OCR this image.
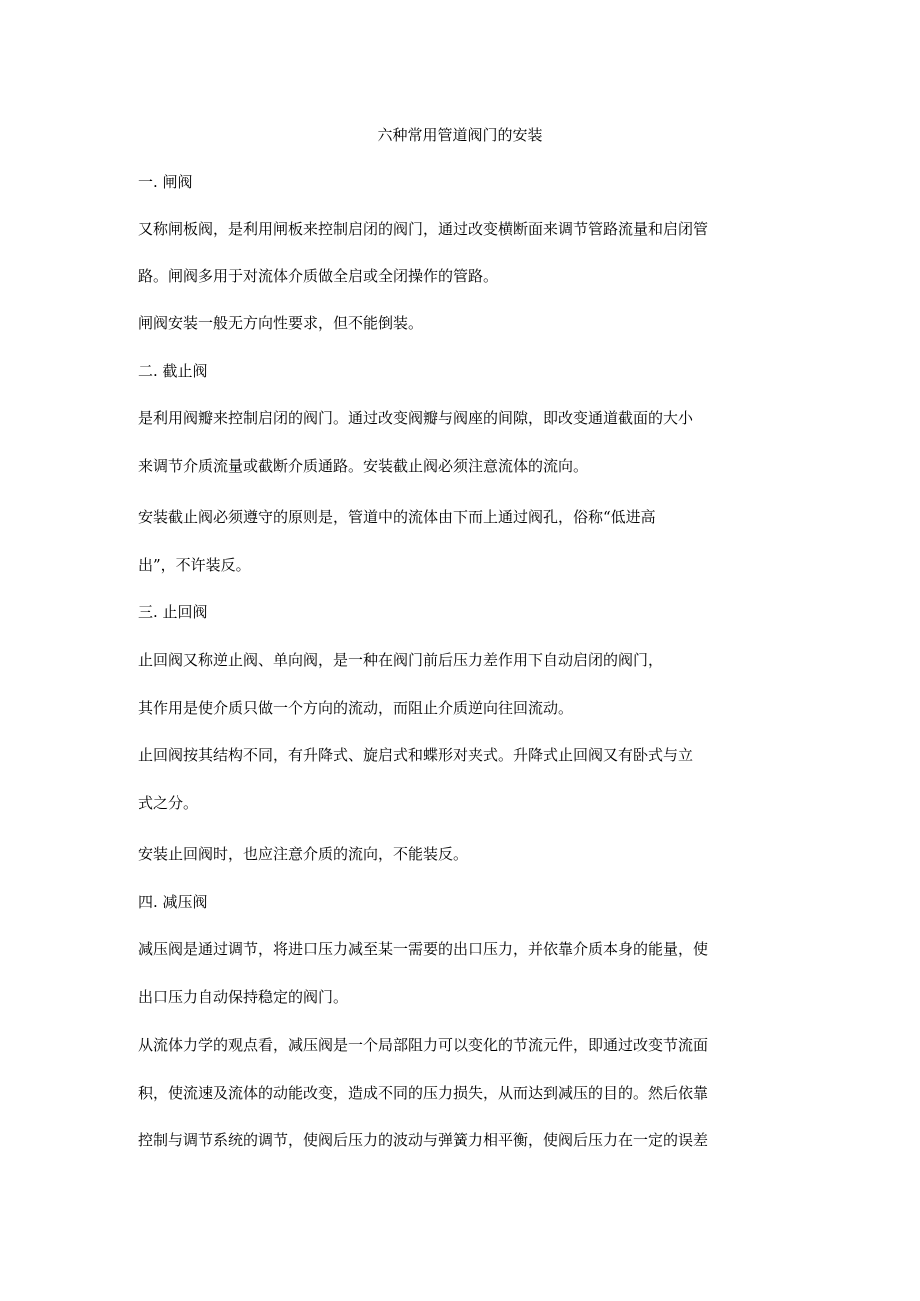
六种常用管道阀门的安装
一. 闸阀
又称闸板阀，是利用闸板来控制启闭的阀门，通过改变横断面来调节管路流量和启闭管
路。闸阀多用于对流体介质做全启或全闭操作的管路。
闸阀安装一般无方向性要求，但不能倒装。
二. 截止阀
是利用阀瓣来控制启闭的阀门。通过改变阀瓣与阀座的间隙，即改变通道截面的大小
来调节介质流量或截断介质通路。安装截止阀必须注意流体的流向。
安装截止阀必须遵守的原则是，管道中的流体由下而上通过阀孔，俗称“低进高
出”，不许装反。
三. 止回阀
止回阀又称逆止阀、单向阀，是一种在阀门前后压力差作用下自动启闭的阀门，
其作用是使介质只做一个方向的流动，而阻止介质逆向往回流动。
止回阀按其结构不同，有升降式、旋启式和蝶形对夹式。升降式止回阀又有卧式与立
式之分。
安装止回阀时，也应注意介质的流向，不能装反。
四. 减压阀
减压阀是通过调节，将进口压力减至某一需要的出口压力，并依靠介质本身的能量，使
出口压力自动保持稳定的阀门。
从流体力学的观点看，减压阀是一个局部阻力可以变化的节流元件，即通过改变节流面
积，使流速及流体的动能改变，造成不同的压力损失，从而达到减压的目的。然后依靠
控制与调节系统的调节，使阀后压力的波动与弹簧力相平衡，使阀后压力在一定的误差
